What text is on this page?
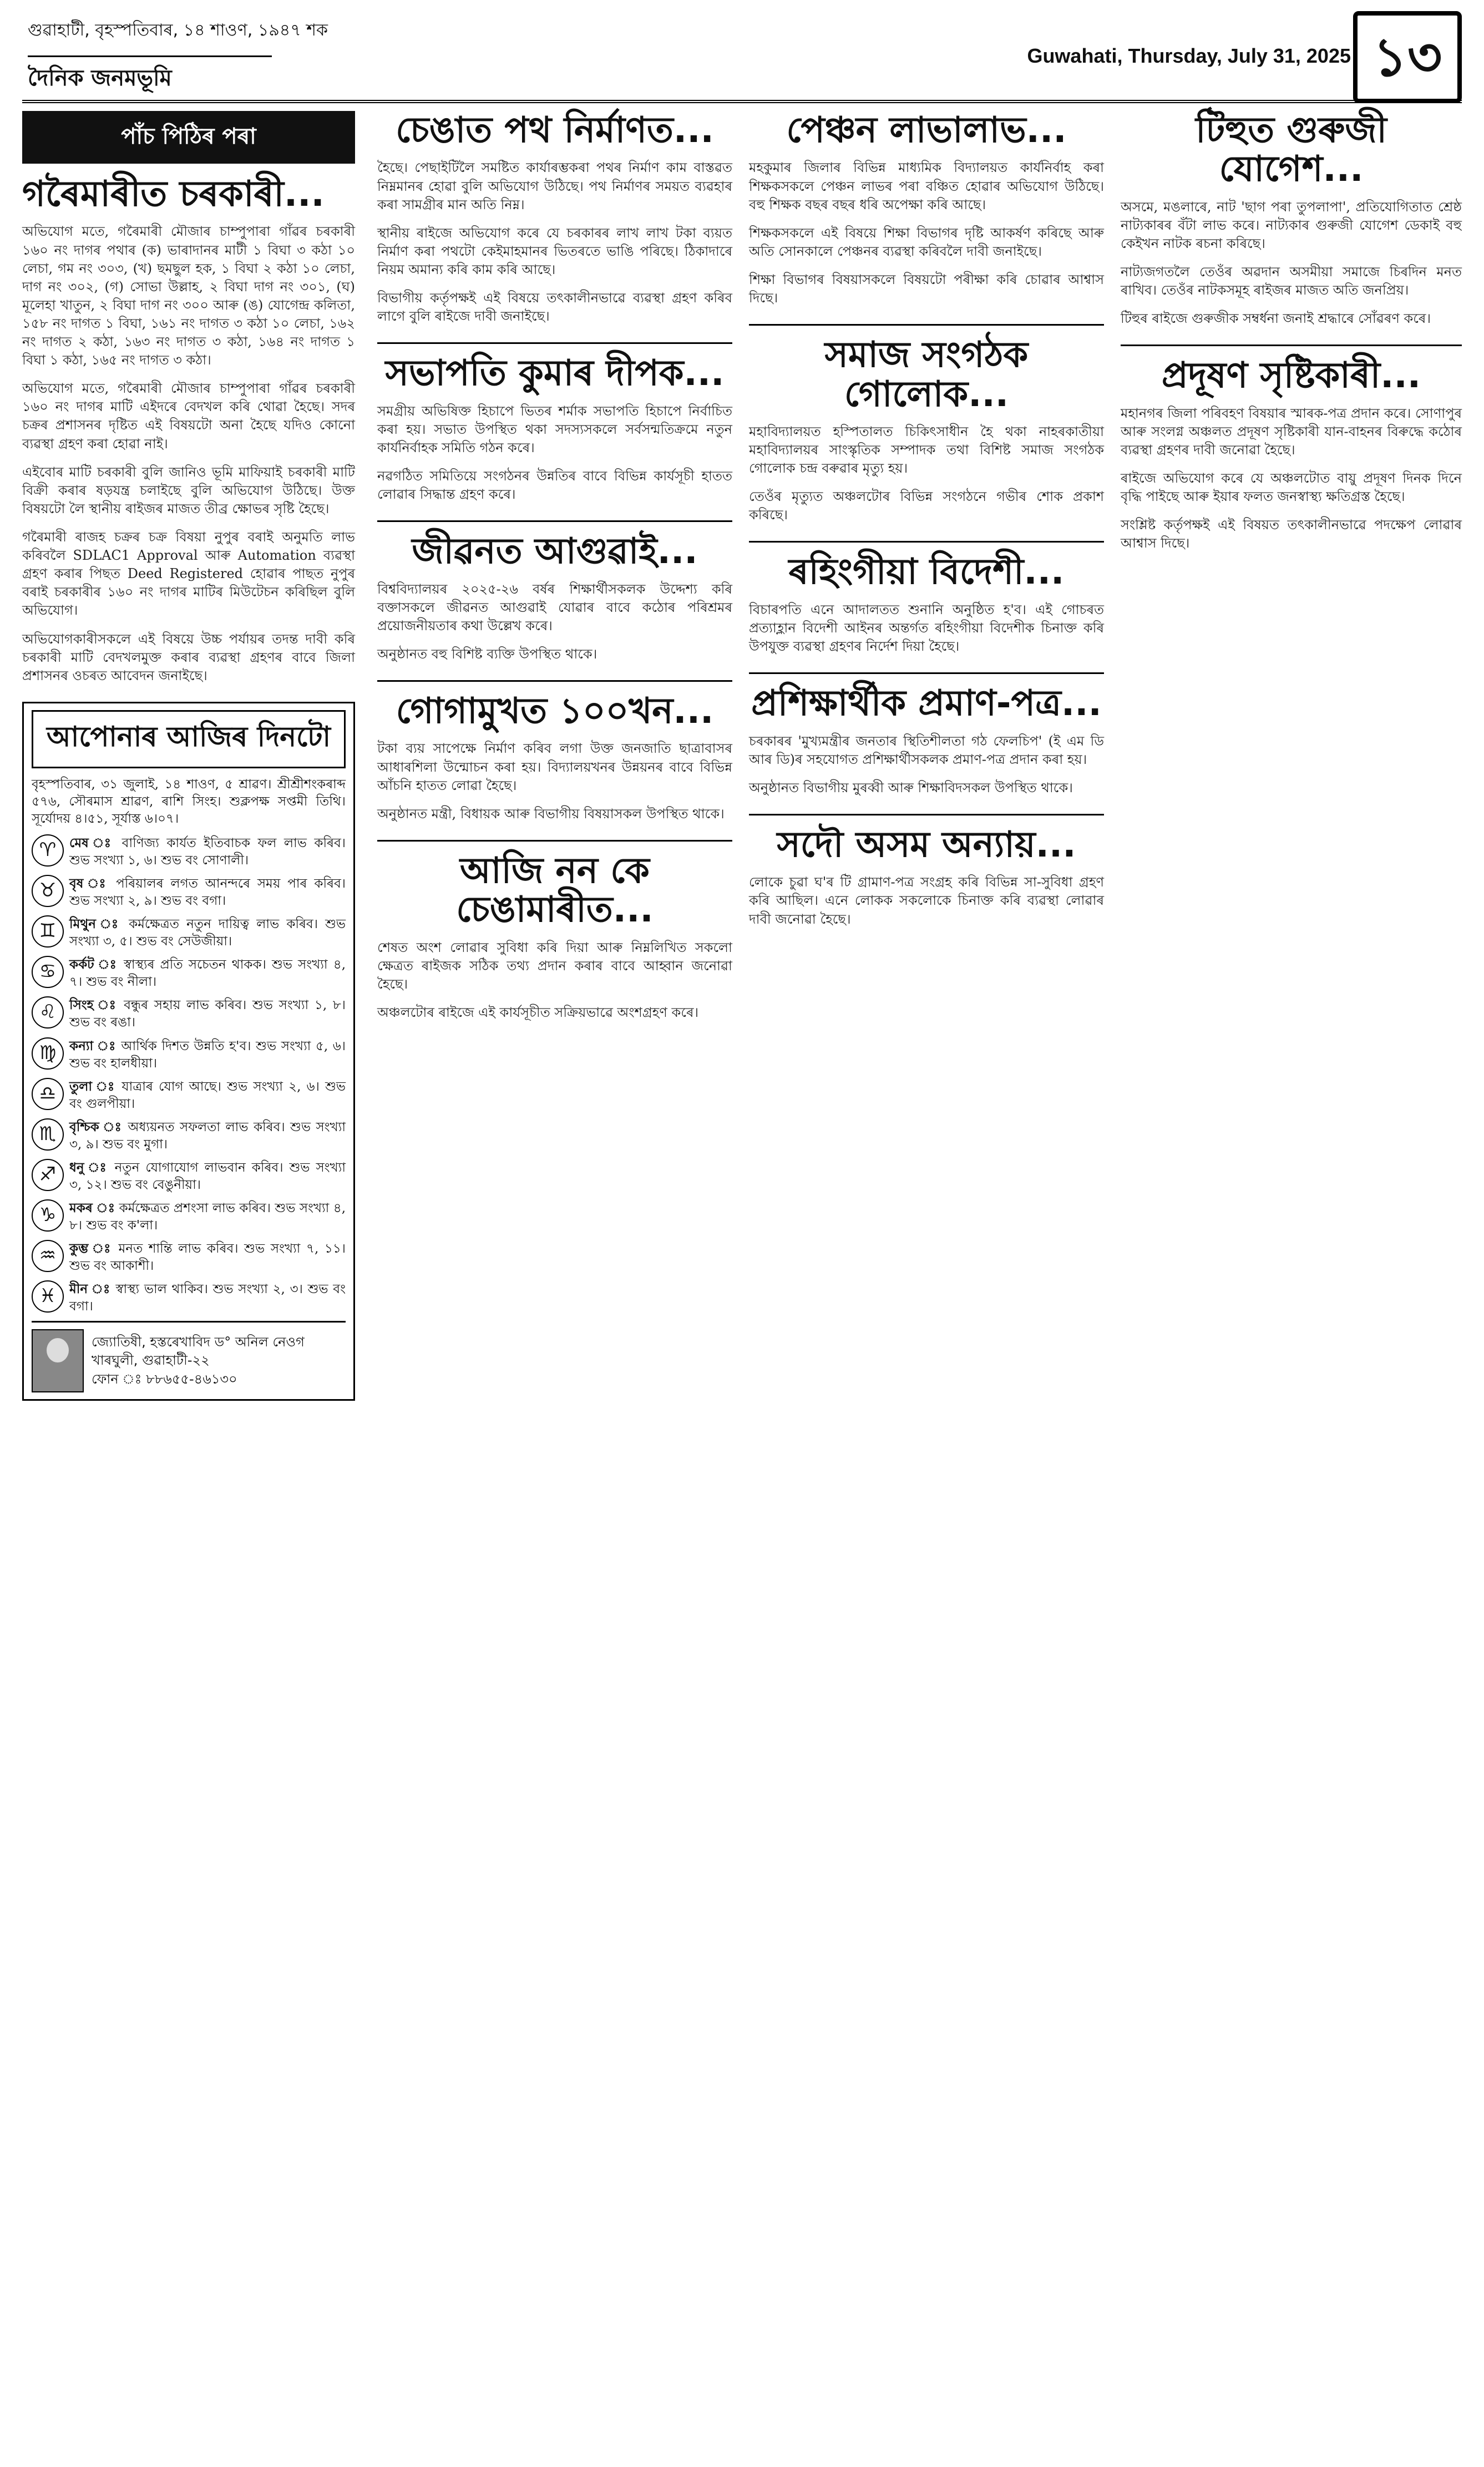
গুৱাহাটী, বৃহস্পতিবাৰ, ১৪ শাওণ, ১৯৪৭ শক
দৈনিক জনমভূমি
Guwahati, Thursday, July 31, 2025 ১৩
পাঁচ পিঠিৰ পৰা
গৰৈমাৰীত চৰকাৰী...

অভিযোগ মতে, গৰৈমাৰী মৌজাৰ চাম্পুপাৰা গাঁৱৰ চৰকাৰী ১৬০ নং দাগৰ পথাৰ (ক) ভাৰাদানৰ মাটী ১ বিঘা ৩ কঠা ১০ লেচা, গম নং ৩০৩, (খ) ছমছুল হক, ১ বিঘা ২ কঠা ১০ লেচা, দাগ নং ৩০২, (গ) সোভা উল্লাহ, ২ বিঘা দাগ নং ৩০১, (ঘ) মূলেহা খাতুন, ২ বিঘা দাগ নং ৩০০ আৰু (ঙ) যোগেন্দ্ৰ কলিতা, ১৫৮ নং দাগত ১ বিঘা, ১৬১ নং দাগত ৩ কঠা ১০ লেচা, ১৬২ নং দাগত ২ কঠা, ১৬৩ নং দাগত ৩ কঠা, ১৬৪ নং দাগত ১ বিঘা ১ কঠা, ১৬৫ নং দাগত ৩ কঠা।

অভিযোগ মতে, গৰৈমাৰী মৌজাৰ চাম্পুপাৰা গাঁৱৰ চৰকাৰী ১৬০ নং দাগৰ মাটি এইদৰে বেদখল কৰি থোৱা হৈছে। সদৰ চক্ৰৰ প্ৰশাসনৰ দৃষ্টিত এই বিষয়টো অনা হৈছে যদিও কোনো ব্যৱস্থা গ্ৰহণ কৰা হোৱা নাই।

এইবোৰ মাটি চৰকাৰী বুলি জানিও ভূমি মাফিয়াই চৰকাৰী মাটি বিক্ৰী কৰাৰ ষড়যন্ত্ৰ চলাইছে বুলি অভিযোগ উঠিছে। উক্ত বিষয়টো লৈ স্থানীয় ৰাইজৰ মাজত তীব্ৰ ক্ষোভৰ সৃষ্টি হৈছে।

গৰৈমাৰী ৰাজহ চক্ৰৰ চক্ৰ বিষয়া নুপুৰ বৰাই অনুমতি লাভ কৰিবলৈ SDLAC1 Approval আৰু Automation ব্যৱস্থা গ্ৰহণ কৰাৰ পিছত Deed Registered হোৱাৰ পাছত নুপুৰ বৰাই চৰকাৰীৰ ১৬০ নং দাগৰ মাটিৰ মিউটেচন কৰিছিল বুলি অভিযোগ।

অভিযোগকাৰীসকলে এই বিষয়ে উচ্চ পৰ্যায়ৰ তদন্ত দাবী কৰি চৰকাৰী মাটি বেদখলমুক্ত কৰাৰ ব্যৱস্থা গ্ৰহণৰ বাবে জিলা প্ৰশাসনৰ ওচৰত আবেদন জনাইছে।

আপোনাৰ আজিৰ দিনটো
বৃহস্পতিবাৰ, ৩১ জুলাই, ১৪ শাওণ, ৫ শ্ৰাৱণ। শ্ৰীশ্ৰীশংকৰাব্দ ৫৭৬, সৌৰমাস শ্ৰাৱণ, ৰাশি সিংহ। শুক্লপক্ষ সপ্তমী তিথি। সূৰ্যোদয় ৪।৫১, সূৰ্যাস্ত ৬।০৭।
♈	মেষ ঃ বাণিজ্য কাৰ্যত ইতিবাচক ফল লাভ কৰিব। শুভ সংখ্যা ১, ৬। শুভ বং সোণালী।
♉	বৃষ ঃ পৰিয়ালৰ লগত আনন্দৰে সময় পাৰ কৰিব। শুভ সংখ্যা ২, ৯। শুভ বং বগা।
♊	মিথুন ঃ কৰ্মক্ষেত্ৰত নতুন দায়িত্ব লাভ কৰিব। শুভ সংখ্যা ৩, ৫। শুভ বং সেউজীয়া।
♋	কৰ্কট ঃ স্বাস্থ্যৰ প্ৰতি সচেতন থাকক। শুভ সংখ্যা ৪, ৭। শুভ বং নীলা।
♌	সিংহ ঃ বন্ধুৰ সহায় লাভ কৰিব। শুভ সংখ্যা ১, ৮। শুভ বং ৰঙা।
♍	কন্যা ঃ আৰ্থিক দিশত উন্নতি হ'ব। শুভ সংখ্যা ৫, ৬। শুভ বং হালধীয়া।
♎	তুলা ঃ যাত্ৰাৰ যোগ আছে। শুভ সংখ্যা ২, ৬। শুভ বং গুলপীয়া।
♏	বৃশ্চিক ঃ অধ্যয়নত সফলতা লাভ কৰিব। শুভ সংখ্যা ৩, ৯। শুভ বং মুগা।
♐	ধনু ঃ নতুন যোগাযোগ লাভবান কৰিব। শুভ সংখ্যা ৩, ১২। শুভ বং বেঙুনীয়া।
♑	মকৰ ঃ কৰ্মক্ষেত্ৰত প্ৰশংসা লাভ কৰিব। শুভ সংখ্যা ৪, ৮। শুভ বং ক'লা।
♒	কুম্ভ ঃ মনত শান্তি লাভ কৰিব। শুভ সংখ্যা ৭, ১১। শুভ বং আকাশী।
♓	মীন ঃ স্বাস্থ্য ভাল থাকিব। শুভ সংখ্যা ২, ৩। শুভ বং বগা।
জ্যোতিষী, হস্তৰেখাবিদ ড° অনিল নেওগ
খাৰঘুলী, গুৱাহাটী-২২
ফোন ঃ ৮৮৬৫৫-৪৬১৩০
চেঙাত পথ নিৰ্মাণত...

হৈছে। পেছাইটিলৈ সমষ্টিত কাৰ্যাৰম্ভকৰা পথৰ নিৰ্মাণ কাম বাস্তৱত নিম্নমানৰ হোৱা বুলি অভিযোগ উঠিছে। পথ নিৰ্মাণৰ সময়ত ব্যৱহাৰ কৰা সামগ্ৰীৰ মান অতি নিম্ন।

স্থানীয় ৰাইজে অভিযোগ কৰে যে চৰকাৰৰ লাখ লাখ টকা ব্যয়ত নিৰ্মাণ কৰা পথটো কেইমাহমানৰ ভিতৰতে ভাঙি পৰিছে। ঠিকাদাৰে নিয়ম অমান্য কৰি কাম কৰি আছে।

বিভাগীয় কৰ্তৃপক্ষই এই বিষয়ে তৎকালীনভাৱে ব্যৱস্থা গ্ৰহণ কৰিব লাগে বুলি ৰাইজে দাবী জনাইছে।

সভাপতি কুমাৰ দীপক...

সমগ্ৰীয় অভিষিক্ত হিচাপে ভিতৰ শৰ্মাক সভাপতি হিচাপে নিৰ্বাচিত কৰা হয়। সভাত উপস্থিত থকা সদস্যসকলে সৰ্বসন্মতিক্ৰমে নতুন কাৰ্যনিৰ্বাহক সমিতি গঠন কৰে।

নৱগঠিত সমিতিয়ে সংগঠনৰ উন্নতিৰ বাবে বিভিন্ন কাৰ্যসূচী হাতত লোৱাৰ সিদ্ধান্ত গ্ৰহণ কৰে।

জীৱনত আগুৱাই...

বিশ্ববিদ্যালয়ৰ ২০২৫-২৬ বৰ্ষৰ শিক্ষাৰ্থীসকলক উদ্দেশ্য কৰি বক্তাসকলে জীৱনত আগুৱাই যোৱাৰ বাবে কঠোৰ পৰিশ্ৰমৰ প্ৰয়োজনীয়তাৰ কথা উল্লেখ কৰে।

অনুষ্ঠানত বহু বিশিষ্ট ব্যক্তি উপস্থিত থাকে।

গোগামুখত ১০০খন...

টকা ব্যয় সাপেক্ষে নিৰ্মাণ কৰিব লগা উক্ত জনজাতি ছাত্ৰাবাসৰ আধাৰশিলা উন্মোচন কৰা হয়। বিদ্যালয়খনৰ উন্নয়নৰ বাবে বিভিন্ন আঁচনি হাতত লোৱা হৈছে।

অনুষ্ঠানত মন্ত্ৰী, বিধায়ক আৰু বিভাগীয় বিষয়াসকল উপস্থিত থাকে।

আজি নন কে চেঙামাৰীত...

শেষত অংশ লোৱাৰ সুবিধা কৰি দিয়া আৰু নিম্নলিখিত সকলো ক্ষেত্ৰত ৰাইজক সঠিক তথ্য প্ৰদান কৰাৰ বাবে আহ্বান জনোৱা হৈছে।

অঞ্চলটোৰ ৰাইজে এই কাৰ্যসূচীত সক্ৰিয়ভাৱে অংশগ্ৰহণ কৰে।

পেঞ্চন লাভালাভ...

মহকুমাৰ জিলাৰ বিভিন্ন মাধ্যমিক বিদ্যালয়ত কাৰ্যনিৰ্বাহ কৰা শিক্ষকসকলে পেঞ্চন লাভৰ পৰা বঞ্চিত হোৱাৰ অভিযোগ উঠিছে। বহু শিক্ষক বছৰ বছৰ ধৰি অপেক্ষা কৰি আছে।

শিক্ষকসকলে এই বিষয়ে শিক্ষা বিভাগৰ দৃষ্টি আকৰ্ষণ কৰিছে আৰু অতি সোনকালে পেঞ্চনৰ ব্যৱস্থা কৰিবলৈ দাবী জনাইছে।

শিক্ষা বিভাগৰ বিষয়াসকলে বিষয়টো পৰীক্ষা কৰি চোৱাৰ আশ্বাস দিছে।

সমাজ সংগঠক গোলোক...

মহাবিদ্যালয়ত হস্পিতালত চিকিৎসাধীন হৈ থকা নাহৰকাতীয়া মহাবিদ্যালয়ৰ সাংস্কৃতিক সম্পাদক তথা বিশিষ্ট সমাজ সংগঠক গোলোক চন্দ্ৰ বৰুৱাৰ মৃত্যু হয়।

তেওঁৰ মৃত্যুত অঞ্চলটোৰ বিভিন্ন সংগঠনে গভীৰ শোক প্ৰকাশ কৰিছে।

ৰহিংগীয়া বিদেশী...

বিচাৰপতি এনে আদালতত শুনানি অনুষ্ঠিত হ'ব। এই গোচৰত প্ৰত্যাহ্লান বিদেশী আইনৰ অন্তৰ্গত ৰহিংগীয়া বিদেশীক চিনাক্ত কৰি উপযুক্ত ব্যৱস্থা গ্ৰহণৰ নিৰ্দেশ দিয়া হৈছে।

প্ৰশিক্ষাৰ্থীক প্ৰমাণ-পত্ৰ...

চৰকাৰৰ 'মুখ্যমন্ত্ৰীৰ জনতাৰ স্থিতিশীলতা গঠ ফেলচিপ' (ই এম ডি আৰ ডি)ৰ সহযোগত প্ৰশিক্ষাৰ্থীসকলক প্ৰমাণ-পত্ৰ প্ৰদান কৰা হয়।

অনুষ্ঠানত বিভাগীয় মুৰব্বী আৰু শিক্ষাবিদসকল উপস্থিত থাকে।

সদৌ অসম অন্যায়...

লোকে চুৱা ঘ'ৰ টি গ্ৰামাণ-পত্ৰ সংগ্ৰহ কৰি বিভিন্ন সা-সুবিধা গ্ৰহণ কৰি আছিল। এনে লোকক সকলোকে চিনাক্ত কৰি ব্যৱস্থা লোৱাৰ দাবী জনোৱা হৈছে।

টিহুত গুৰুজী যোগেশ...

অসমে, মঙলাৰে, নাট 'ছাগ পৰা তুপলাপা', প্ৰতিযোগিতাত শ্ৰেষ্ঠ নাট্যকাৰৰ বঁটা লাভ কৰে। নাট্যকাৰ গুৰুজী যোগেশ ডেকাই বহু কেইখন নাটক ৰচনা কৰিছে।

নাট্যজগতলৈ তেওঁৰ অৱদান অসমীয়া সমাজে চিৰদিন মনত ৰাখিব। তেওঁৰ নাটকসমূহ ৰাইজৰ মাজত অতি জনপ্ৰিয়।

টিহুৰ ৰাইজে গুৰুজীক সম্বৰ্ধনা জনাই শ্ৰদ্ধাৰে সোঁৱৰণ কৰে।

প্ৰদূষণ সৃষ্টিকাৰী...

মহানগৰ জিলা পৰিবহণ বিষয়াৰ স্মাৰক-পত্ৰ প্ৰদান কৰে। সোণাপুৰ আৰু সংলগ্ন অঞ্চলত প্ৰদূষণ সৃষ্টিকাৰী যান-বাহনৰ বিৰুদ্ধে কঠোৰ ব্যৱস্থা গ্ৰহণৰ দাবী জনোৱা হৈছে।

ৰাইজে অভিযোগ কৰে যে অঞ্চলটোত বায়ু প্ৰদূষণ দিনক দিনে বৃদ্ধি পাইছে আৰু ইয়াৰ ফলত জনস্বাস্থ্য ক্ষতিগ্ৰস্ত হৈছে।

সংশ্লিষ্ট কৰ্তৃপক্ষই এই বিষয়ত তৎকালীনভাৱে পদক্ষেপ লোৱাৰ আশ্বাস দিছে।
